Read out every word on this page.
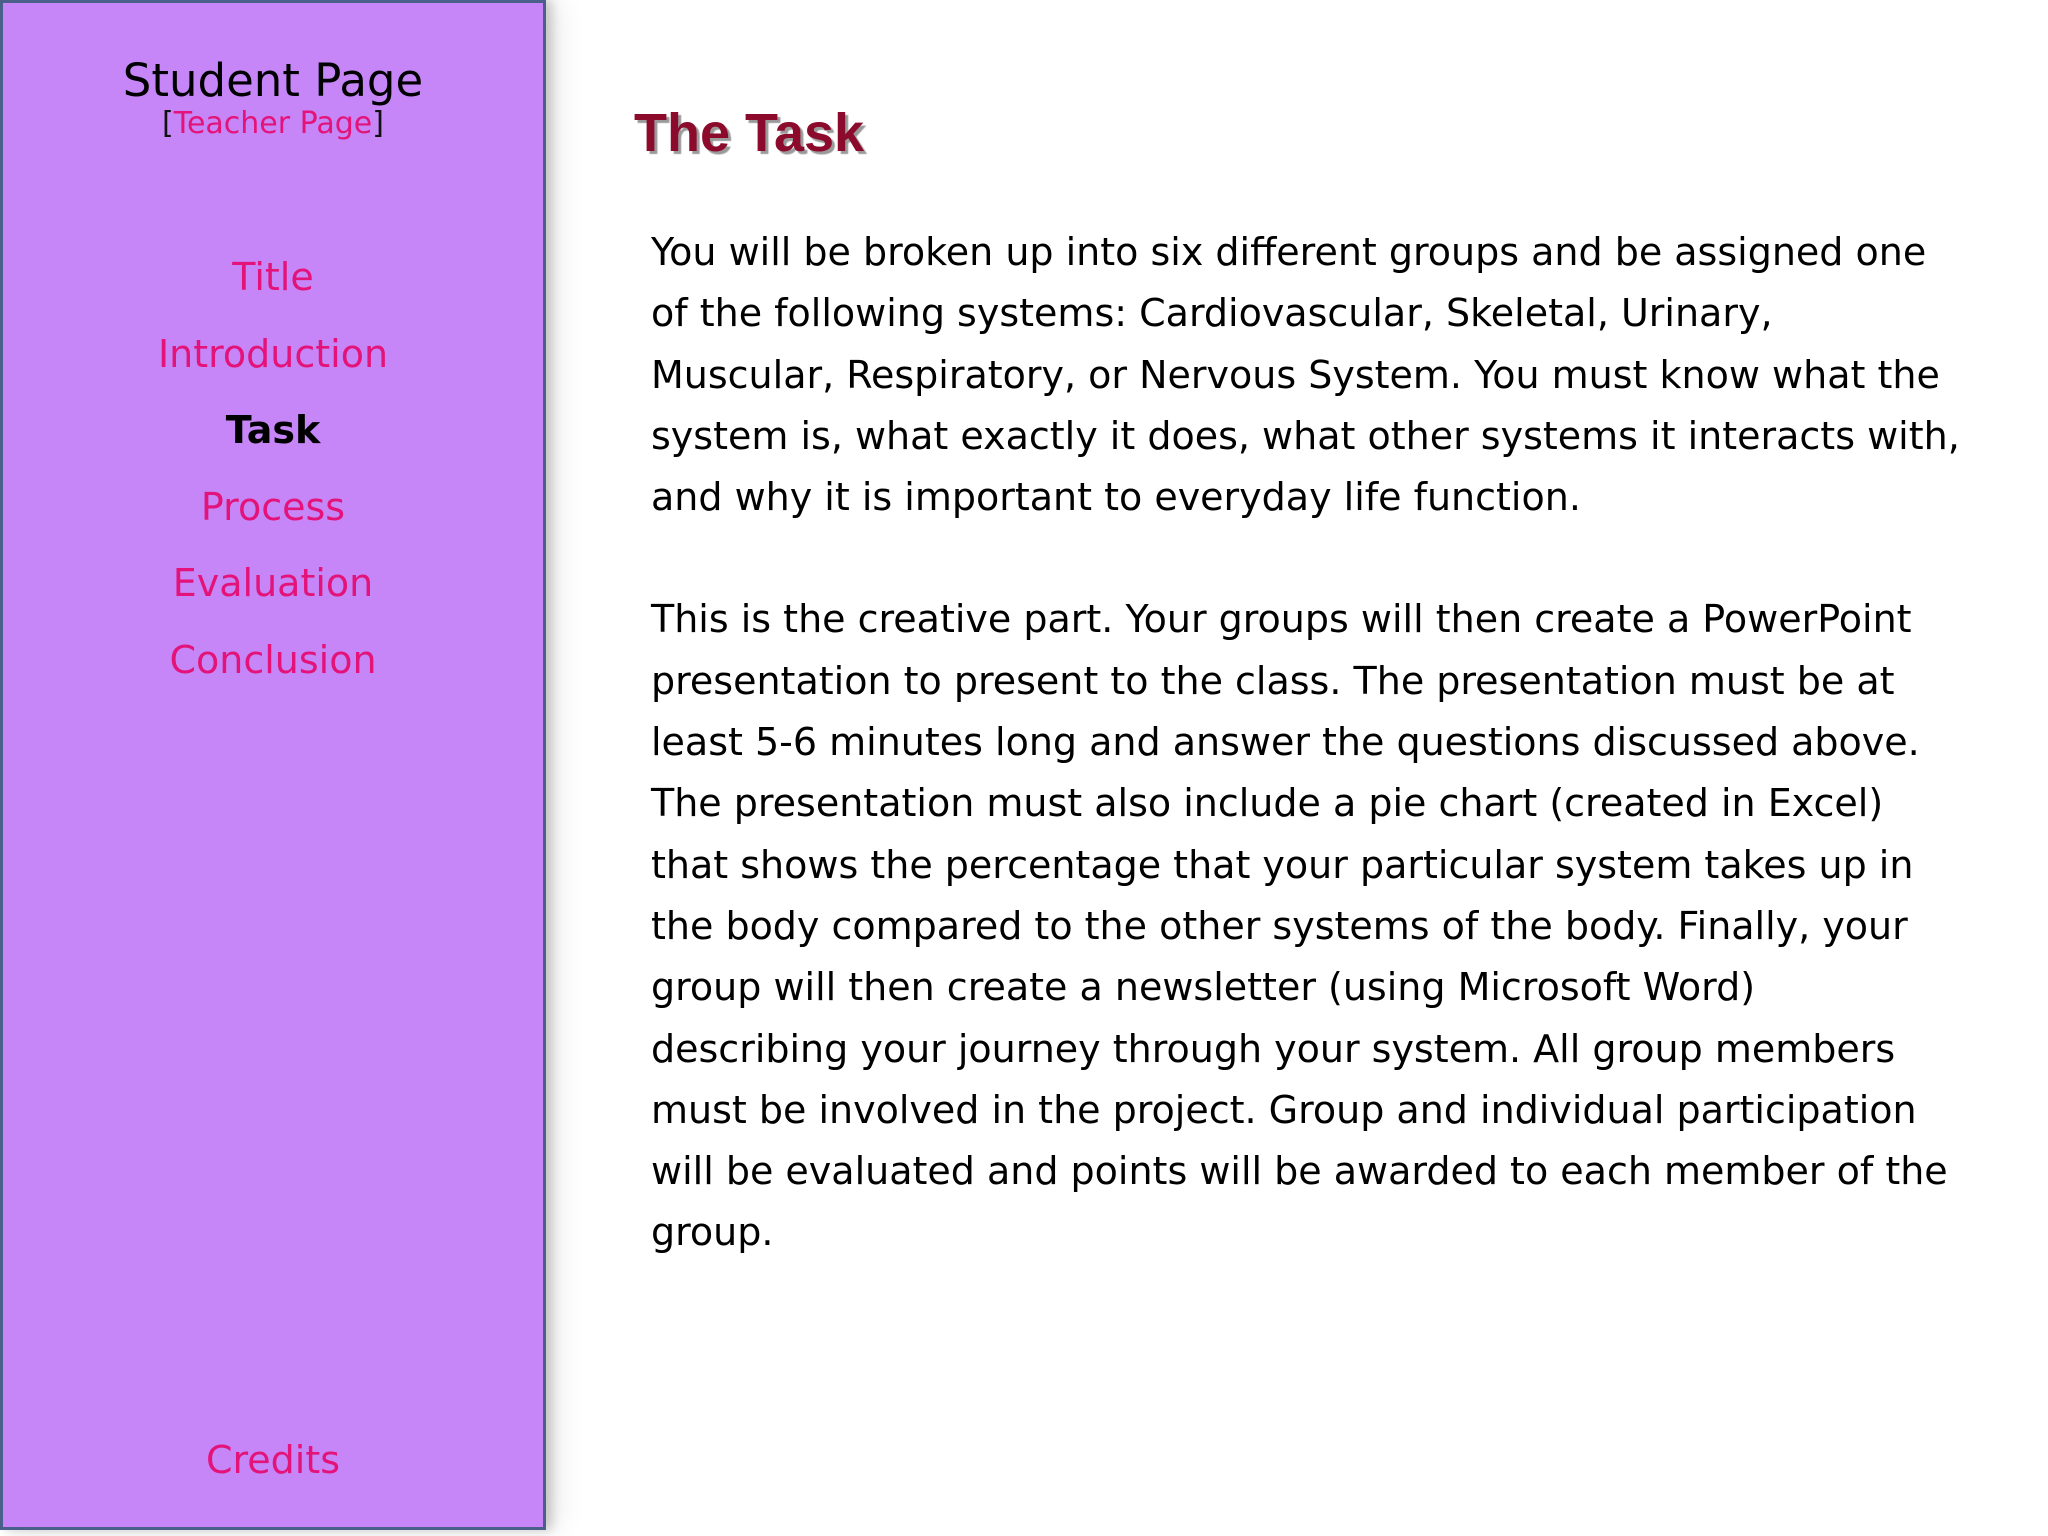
Student Page
[Teacher Page]
Title
Introduction
Task
Process
Evaluation
Conclusion
Credits
The Task

You will be broken up into six different groups and be assigned one of the following systems: Cardiovascular, Skeletal, Urinary, Muscular, Respiratory, or Nervous System. You must know what the system is, what exactly it does, what other systems it interacts with, and why it is important to everyday life function.

This is the creative part. Your groups will then create a PowerPoint presentation to present to the class. The presentation must be at least 5-6 minutes long and answer the questions discussed above. The presentation must also include a pie chart (created in Excel) that shows the percentage that your particular system takes up in the body compared to the other systems of the body. Finally, your group will then create a newsletter (using Microsoft Word) describing your journey through your system. All group members must be involved in the project. Group and individual participation will be evaluated and points will be awarded to each member of the group.
